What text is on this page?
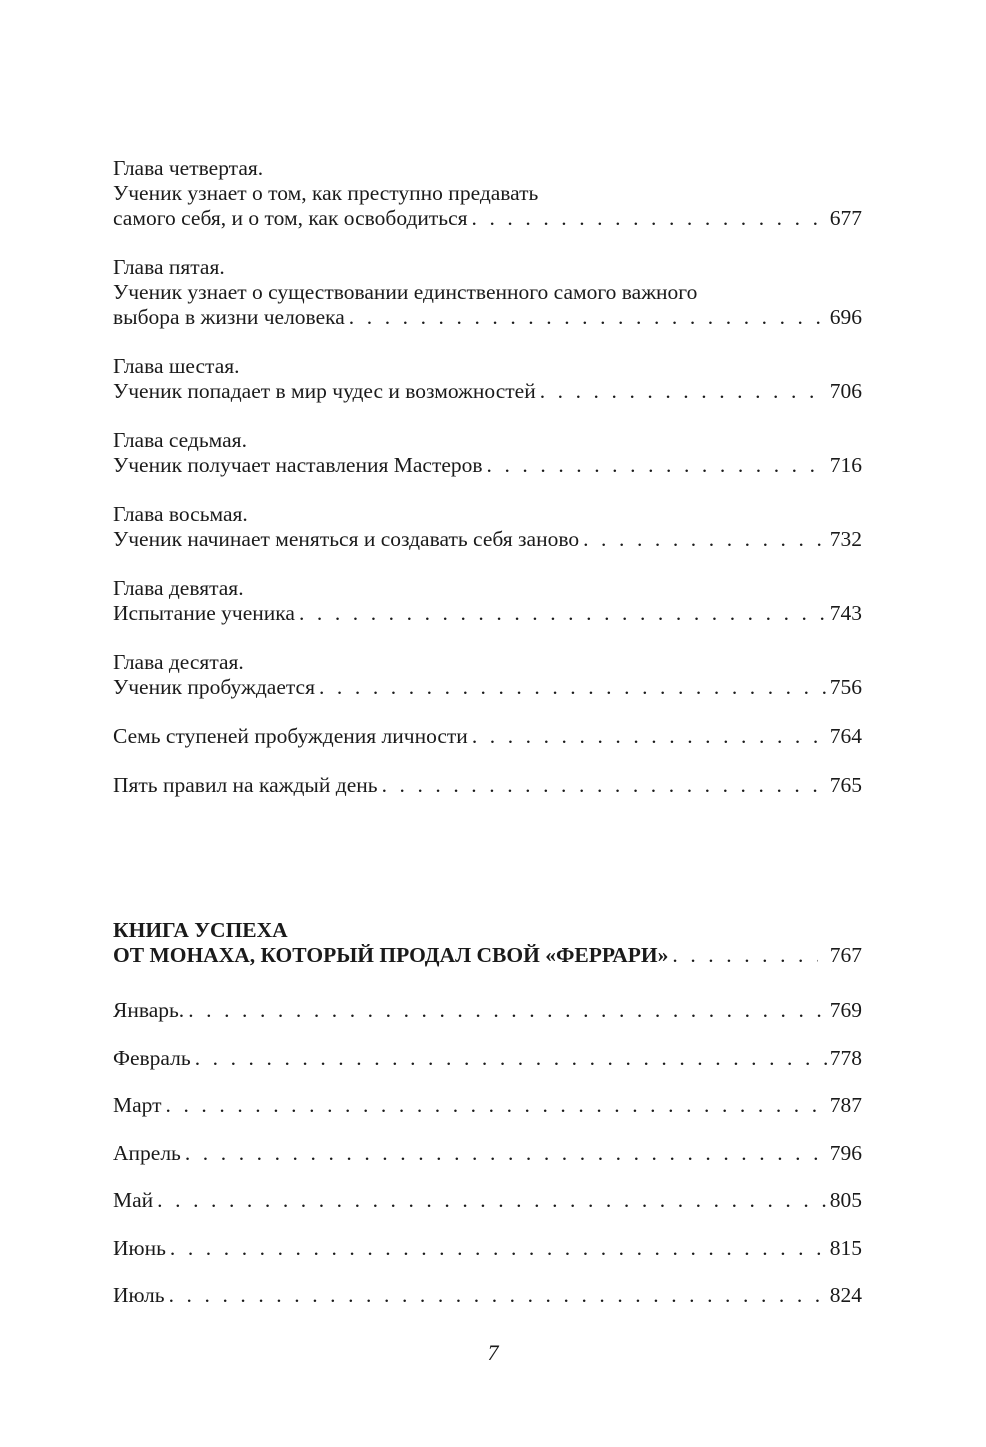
Глава четвертая.
Ученик узнает о том, как преступно предавать
самого себя, и о том, как освободиться . . .	677
Глава пятая.
Ученик узнает о существовании единственного самого важного
выбора в жизни человека . . .	696
Глава шестая.
Ученик попадает в мир чудес и возможностей . . .	706
Глава седьмая.
Ученик получает наставления Мастеров . . .	716
Глава восьмая.
Ученик начинает меняться и создавать себя заново . . .	732
Глава девятая.
Испытание ученика . . .	743
Глава десятая.
Ученик пробуждается . . .	756
Семь ступеней пробуждения личности . . .	764
Пять правил на каждый день . . .	765
КНИГА УСПЕХА
ОТ МОНАХА, КОТОРЫЙ ПРОДАЛ СВОЙ «ФЕРРАРИ» . . .	767
Январь. . . .	769
Февраль . . .	778
Март . . .	787
Апрель . . .	796
Май . . .	805
Июнь . . .	815
Июль . . .	824
7
